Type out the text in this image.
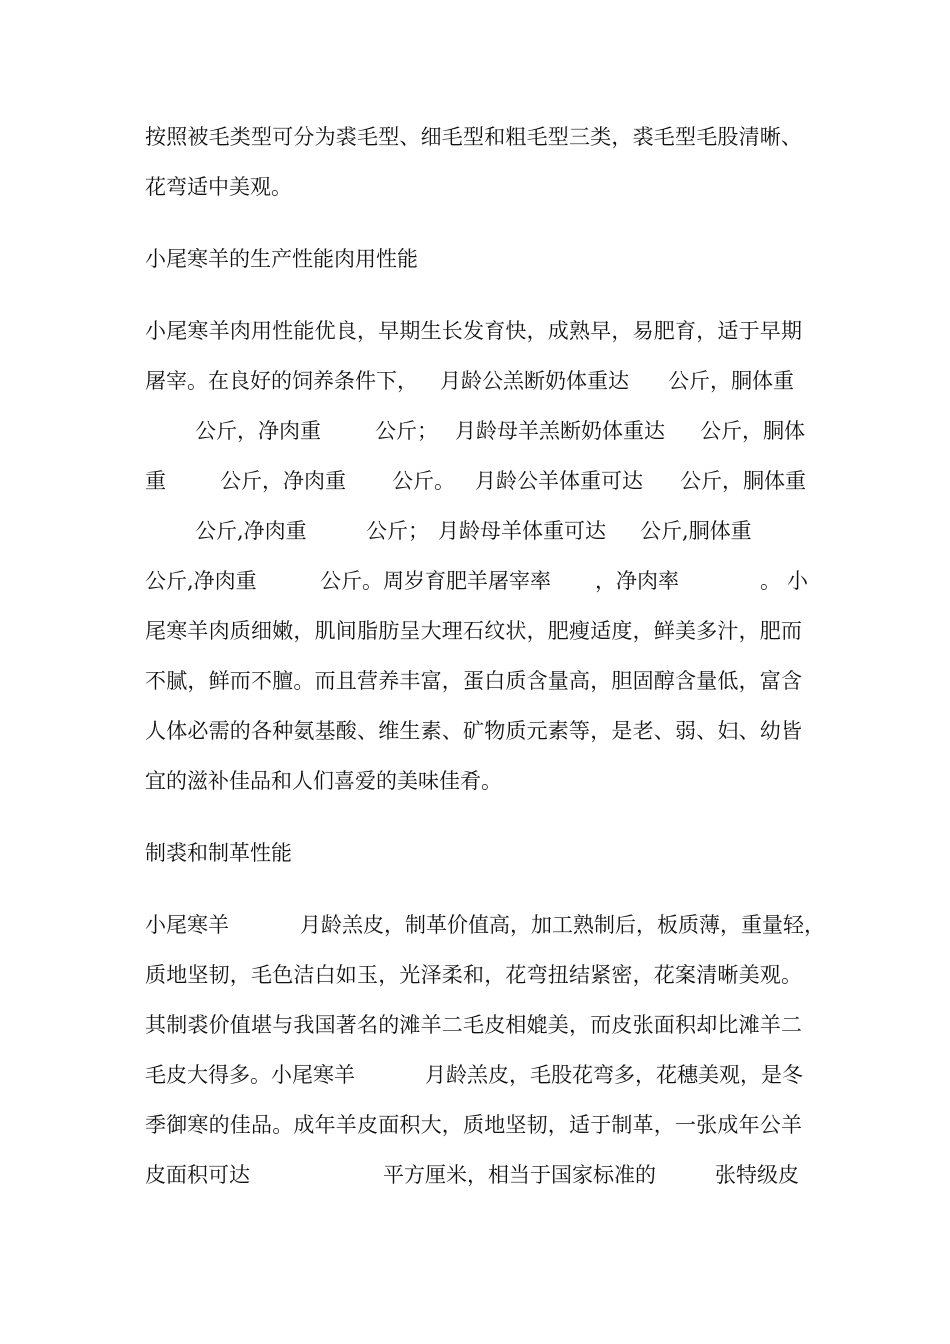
按照被毛类型可分为裘毛型、细毛型和粗毛型三类，裘毛型毛股清晰、
花弯适中美观。
小尾寒羊的生产性能肉用性能
小尾寒羊肉用性能优良，早期生长发育快，成熟早，易肥育，适于早期
屠宰。在良好的饲养条件下， 月龄公羔断奶体重达 公斤，胴体重
公斤，净肉重	公斤； 月龄母羊羔断奶体重达 公斤，胴体
重	公斤，净肉重 公斤。 月龄公羊体重可达 公斤，胴体重
公斤,净肉重	公斤； 月龄母羊体重可达 公斤,胴体重
公斤,净肉重	公斤。周岁育肥羊屠宰率 ，净肉率	。 小
尾寒羊肉质细嫩，肌间脂肪呈大理石纹状，肥瘦适度，鲜美多汁，肥而
不腻，鲜而不膻。而且营养丰富，蛋白质含量高，胆固醇含量低，富含
人体必需的各种氨基酸、维生素、矿物质元素等，是老、弱、妇、幼皆
宜的滋补佳品和人们喜爱的美味佳肴。
制裘和制革性能
小尾寒羊	月龄羔皮，制革价值高，加工熟制后，板质薄，重量轻，
质地坚韧，毛色洁白如玉，光泽柔和，花弯扭结紧密，花案清晰美观。
其制裘价值堪与我国著名的滩羊二毛皮相媲美，而皮张面积却比滩羊二
毛皮大得多。小尾寒羊	月龄羔皮，毛股花弯多，花穗美观，是冬
季御寒的佳品。成年羊皮面积大，质地坚韧，适于制革，一张成年公羊
皮面积可达	平方厘米，相当于国家标准的	张特级皮
